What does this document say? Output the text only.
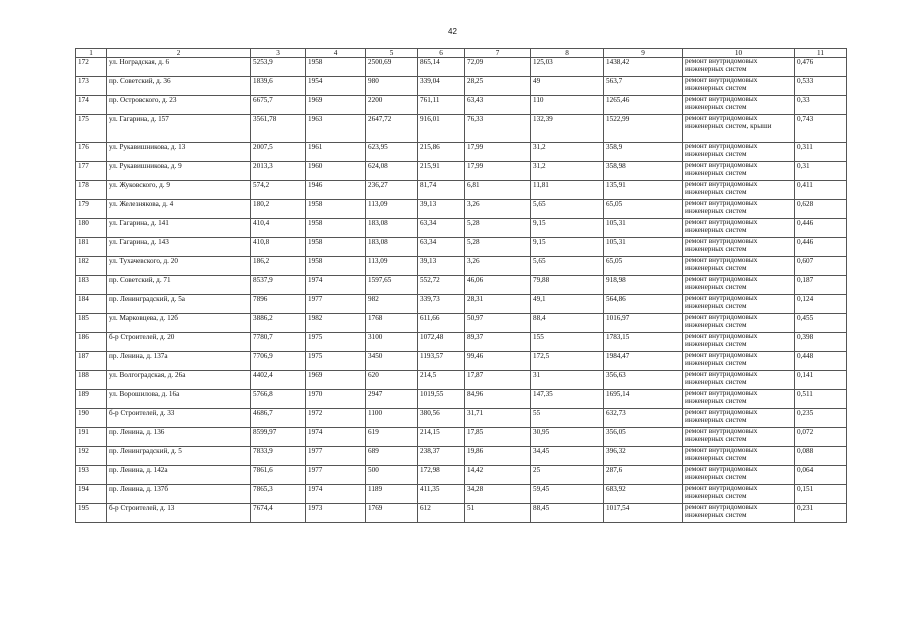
42
1	2	3	4	5	6	7	8	9	10	11
172	ул. Ноградская, д. 6	5253,9	1958	2500,69	865,14	72,09	125,03	1438,42	ремонт внутридомовых инженерных систем	0,476
173	пр. Советский, д. 36	1839,6	1954	980	339,04	28,25	49	563,7	ремонт внутридомовых инженерных систем	0,533
174	пр. Островского, д. 23	6675,7	1969	2200	761,11	63,43	110	1265,46	ремонт внутридомовых инженерных систем	0,33
175	ул. Гагарина, д. 157	3561,78	1963	2647,72	916,01	76,33	132,39	1522,99	ремонт внутридомовых инженерных систем, крыши	0,743
176	ул. Рукавишникова, д. 13	2007,5	1961	623,95	215,86	17,99	31,2	358,9	ремонт внутридомовых инженерных систем	0,311
177	ул. Рукавишникова, д. 9	2013,3	1960	624,08	215,91	17,99	31,2	358,98	ремонт внутридомовых инженерных систем	0,31
178	ул. Жуковского, д. 9	574,2	1946	236,27	81,74	6,81	11,81	135,91	ремонт внутридомовых инженерных систем	0,411
179	ул. Железнякова, д. 4	180,2	1958	113,09	39,13	3,26	5,65	65,05	ремонт внутридомовых инженерных систем	0,628
180	ул. Гагарина, д. 141	410,4	1958	183,08	63,34	5,28	9,15	105,31	ремонт внутридомовых инженерных систем	0,446
181	ул. Гагарина, д. 143	410,8	1958	183,08	63,34	5,28	9,15	105,31	ремонт внутридомовых инженерных систем	0,446
182	ул. Тухачевского, д. 20	186,2	1958	113,09	39,13	3,26	5,65	65,05	ремонт внутридомовых инженерных систем	0,607
183	пр. Советский, д. 71	8537,9	1974	1597,65	552,72	46,06	79,88	918,98	ремонт внутридомовых инженерных систем	0,187
184	пр. Ленинградский, д. 5а	7896	1977	982	339,73	28,31	49,1	564,86	ремонт внутридомовых инженерных систем	0,124
185	ул. Марковцева, д. 12б	3886,2	1982	1768	611,66	50,97	88,4	1016,97	ремонт внутридомовых инженерных систем	0,455
186	б-р Строителей, д. 20	7780,7	1975	3100	1072,48	89,37	155	1783,15	ремонт внутридомовых инженерных систем	0,398
187	пр. Ленина, д. 137а	7706,9	1975	3450	1193,57	99,46	172,5	1984,47	ремонт внутридомовых инженерных систем	0,448
188	ул. Волгоградская, д. 26а	4402,4	1969	620	214,5	17,87	31	356,63	ремонт внутридомовых инженерных систем	0,141
189	ул. Ворошилова, д. 16а	5766,8	1970	2947	1019,55	84,96	147,35	1695,14	ремонт внутридомовых инженерных систем	0,511
190	б-р Строителей, д. 33	4686,7	1972	1100	380,56	31,71	55	632,73	ремонт внутридомовых инженерных систем	0,235
191	пр. Ленина, д. 136	8599,97	1974	619	214,15	17,85	30,95	356,05	ремонт внутридомовых инженерных систем	0,072
192	пр. Ленинградский, д. 5	7833,9	1977	689	238,37	19,86	34,45	396,32	ремонт внутридомовых инженерных систем	0,088
193	пр. Ленина, д. 142а	7861,6	1977	500	172,98	14,42	25	287,6	ремонт внутридомовых инженерных систем	0,064
194	пр. Ленина, д. 137б	7865,3	1974	1189	411,35	34,28	59,45	683,92	ремонт внутридомовых инженерных систем	0,151
195	б-р Строителей, д. 13	7674,4	1973	1769	612	51	88,45	1017,54	ремонт внутридомовых инженерных систем	0,231
